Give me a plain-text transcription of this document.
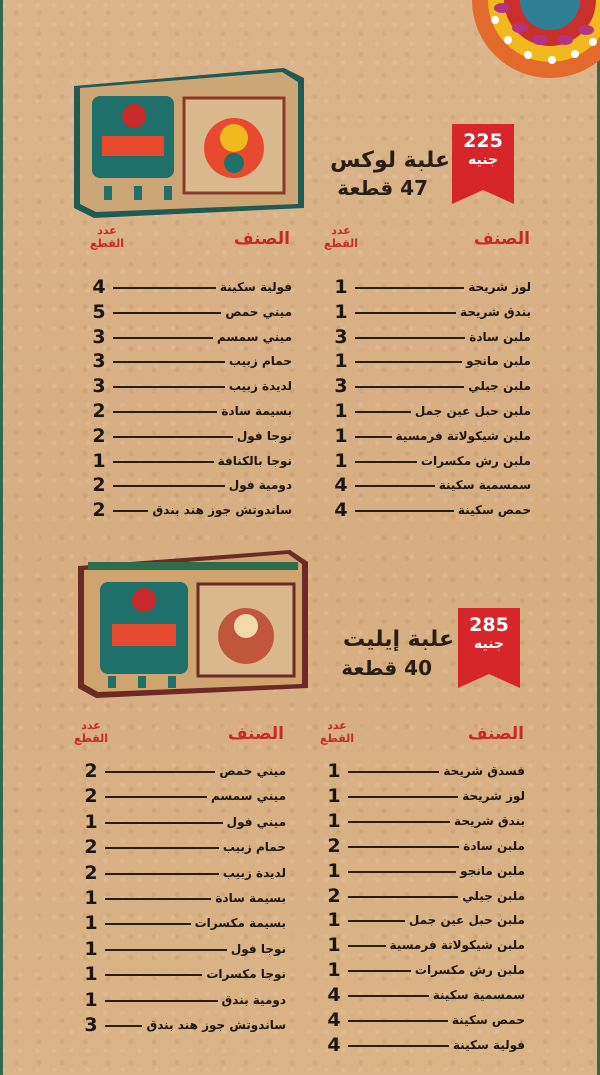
225
جنيه
علبة لوكس
47 قطعة
الصنف
عدد القطع
الصنف
عدد القطع
1	لوز شريحة
1	بندق شريحة
3	ملبن سادة
1	ملبن مانجو
3	ملبن جيلي
1	ملبن حبل عين جمل
1	ملبن شيكولاتة فرمسية
1	ملبن رش مكسرات
4	سمسمية سكينة
4	حمص سكينة
4	فولية سكينة
5	ميني حمص
3	ميني سمسم
3	حمام زبيب
3	لديدة زبيب
2	بسيمة سادة
2	نوجا فول
1	نوجا بالكنافة
2	دومية فول
2	ساندوتش جوز هند بندق
285
جنيه
علبة إيليت
40 قطعة
الصنف
عدد القطع
الصنف
عدد القطع
1	فسدق شريحة
1	لوز شريحة
1	بندق شريحة
2	ملبن سادة
1	ملبن مانجو
2	ملبن جيلي
1	ملبن حبل عين جمل
1	ملبن شيكولاتة فرمسية
1	ملبن رش مكسرات
4	سمسمية سكينة
4	حمص سكينة
4	فولية سكينة
2	ميني حمص
2	ميني سمسم
1	ميني فول
2	حمام زبيب
2	لديدة زبيب
1	بسيمة سادة
1	بسيمة مكسرات
1	نوجا فول
1	نوجا مكسرات
1	دومية بندق
3	ساندوتش جوز هند بندق
